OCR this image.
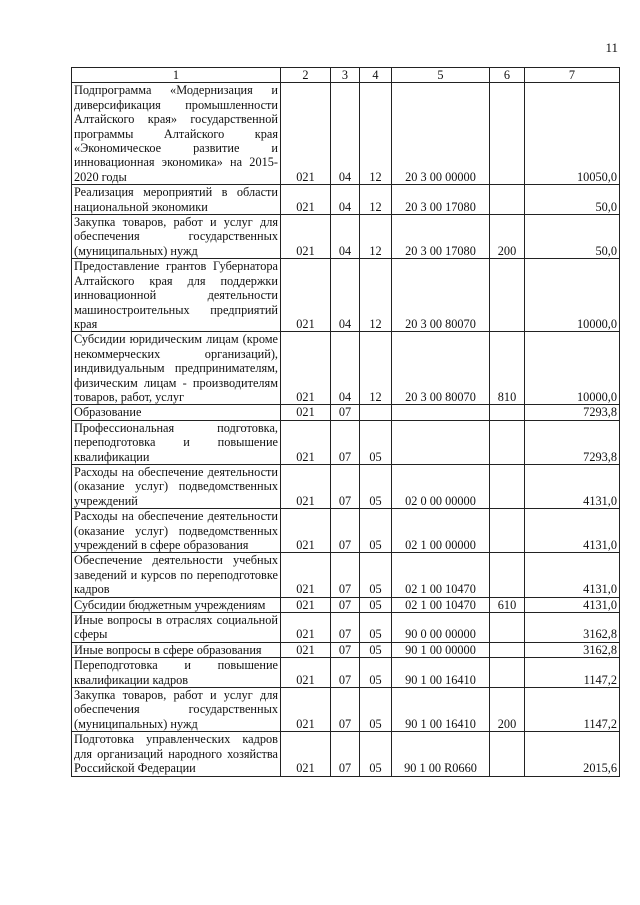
11
1	2	3	4	5	6	7
Подпрограмма «Модернизация и диверсификация промышленности Алтайского края» государственной программы Алтайского края «Экономическое развитие и инновационная экономика» на 2015-2020 годы	021	04	12	20 3 00 00000		10050,0
Реализация мероприятий в области национальной экономики	021	04	12	20 3 00 17080		50,0
Закупка товаров, работ и услуг для обеспечения государственных (муниципальных) нужд	021	04	12	20 3 00 17080	200	50,0
Предоставление грантов Губернатора Алтайского края для поддержки инновационной деятельности машиностроительных предприятий края	021	04	12	20 3 00 80070		10000,0
Субсидии юридическим лицам (кроме некоммерческих организаций), индивидуальным предпринимателям, физическим лицам - производителям товаров, работ, услуг	021	04	12	20 3 00 80070	810	10000,0
Образование	021	07				7293,8
Профессиональная подготовка, переподготовка и повышение квалификации	021	07	05			7293,8
Расходы на обеспечение деятельности (оказание услуг) подведомственных учреждений	021	07	05	02 0 00 00000		4131,0
Расходы на обеспечение деятельности (оказание услуг) подведомственных учреждений в сфере образования	021	07	05	02 1 00 00000		4131,0
Обеспечение деятельности учебных заведений и курсов по переподготовке кадров	021	07	05	02 1 00 10470		4131,0
Субсидии бюджетным учреждениям	021	07	05	02 1 00 10470	610	4131,0
Иные вопросы в отраслях социальной сферы	021	07	05	90 0 00 00000		3162,8
Иные вопросы в сфере образования	021	07	05	90 1 00 00000		3162,8
Переподготовка и повышение квалификации кадров	021	07	05	90 1 00 16410		1147,2
Закупка товаров, работ и услуг для обеспечения государственных (муниципальных) нужд	021	07	05	90 1 00 16410	200	1147,2
Подготовка управленческих кадров для организаций народного хозяйства Российской Федерации	021	07	05	90 1 00 R0660		2015,6
